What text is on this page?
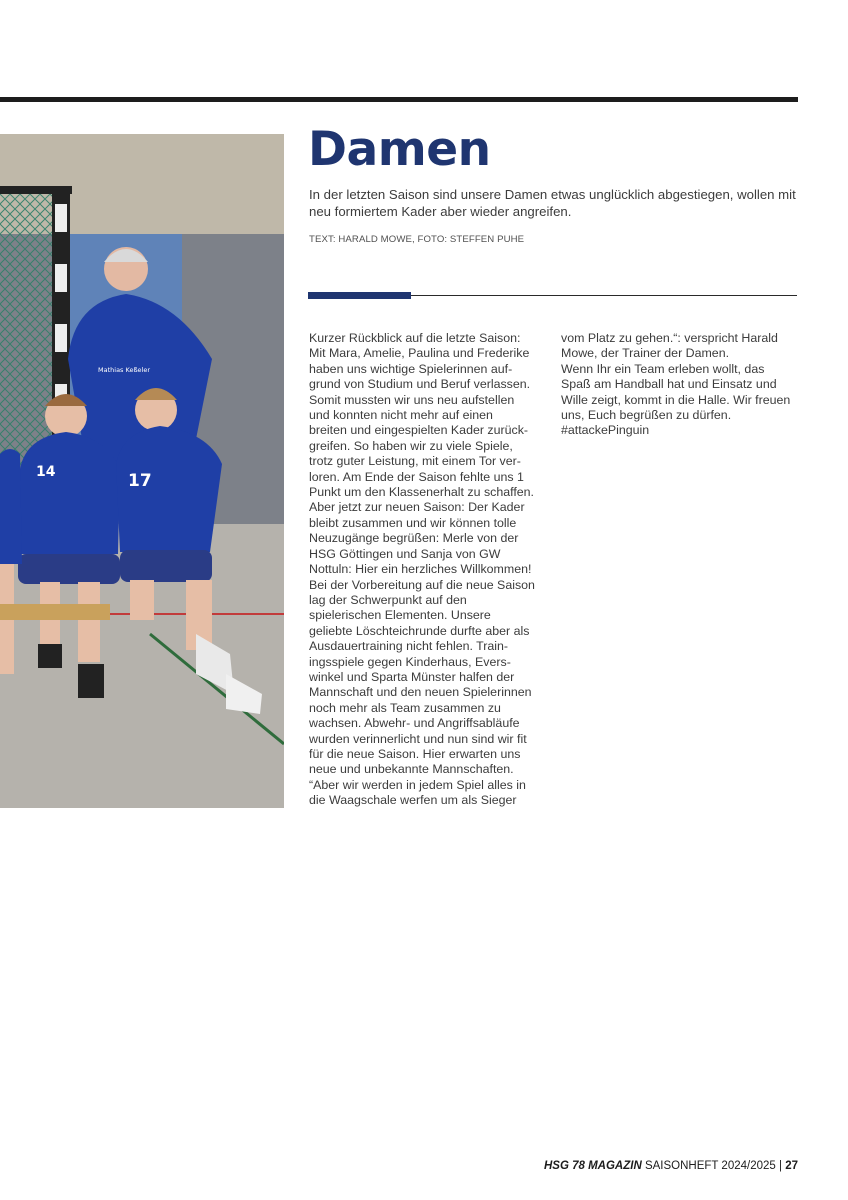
14	17
Mathias Keßeler
Damen

In der letzten Saison sind unsere Damen etwas unglücklich abgestiegen, wollen mit neu formiertem Kader aber wieder angreifen.

TEXT: HARALD MOWE, FOTO: STEFFEN PUHE

Kurzer Rückblick auf die letzte Saison:
Mit Mara, Amelie, Paulina und Frederike
haben uns wichtige Spielerinnen auf-
grund von Studium und Beruf verlassen.
Somit mussten wir uns neu aufstellen
und konnten nicht mehr auf einen
breiten und eingespielten Kader zurück-
greifen. So haben wir zu viele Spiele,
trotz guter Leistung, mit einem Tor ver-
loren. Am Ende der Saison fehlte uns 1
Punkt um den Klassenerhalt zu schaffen.
Aber jetzt zur neuen Saison: Der Kader
bleibt zusammen und wir können tolle
Neuzugänge begrüßen: Merle von der
HSG Göttingen und Sanja von GW
Nottuln: Hier ein herzliches Willkommen!
Bei der Vorbereitung auf die neue Saison
lag der Schwerpunkt auf den
spielerischen Elementen. Unsere
geliebte Löschteichrunde durfte aber als
Ausdauertraining nicht fehlen. Train-
ingsspiele gegen Kinderhaus, Evers-
winkel und Sparta Münster halfen der
Mannschaft und den neuen Spielerinnen
noch mehr als Team zusammen zu
wachsen. Abwehr- und Angriffsabläufe
wurden verinnerlicht und nun sind wir fit
für die neue Saison. Hier erwarten uns
neue und unbekannte Mannschaften.
“Aber wir werden in jedem Spiel alles in
die Waagschale werfen um als Sieger

vom Platz zu gehen.“: verspricht Harald
Mowe, der Trainer der Damen.
Wenn Ihr ein Team erleben wollt, das
Spaß am Handball hat und Einsatz und
Wille zeigt, kommt in die Halle. Wir freuen
uns, Euch begrüßen zu dürfen.
#attackePinguin

HSG 78 MAGAZIN SAISONHEFT 2024/2025 | 27
